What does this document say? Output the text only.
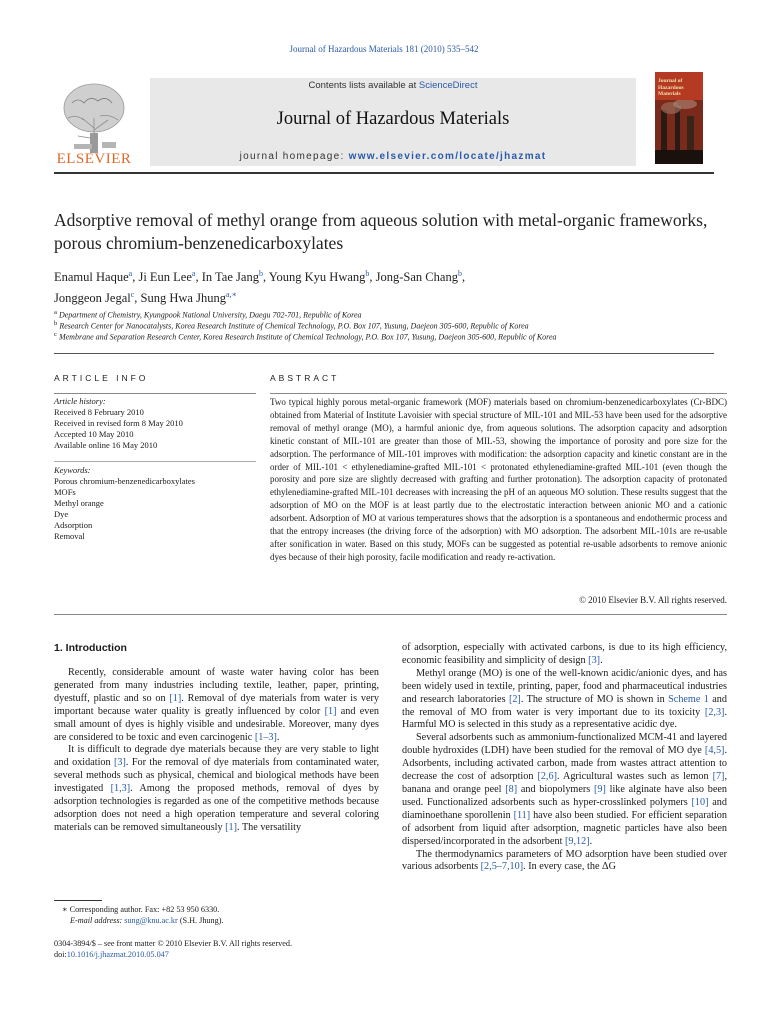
Journal of Hazardous Materials 181 (2010) 535–542
ELSEVIER
Contents lists available at ScienceDirect
Journal of Hazardous Materials
journal homepage: www.elsevier.com/locate/jhazmat
Journal of
Hazardous
Materials
Adsorptive removal of methyl orange from aqueous solution with metal-organic frameworks, porous chromium-benzenedicarboxylates
Enamul Haque$^a$, Ji Eun Lee$^a$, In Tae Jang$^b$, Young Kyu Hwang$^b$, Jong-San Chang$^b$,
Jonggeon Jegal$^c$, Sung Hwa Jhung$^{a,∗}$
$^a$ Department of Chemistry, Kyungpook National University, Daegu 702-701, Republic of Korea
$^b$ Research Center for Nanocatalysts, Korea Research Institute of Chemical Technology, P.O. Box 107, Yusung, Daejeon 305-600, Republic of Korea
$^c$ Membrane and Separation Research Center, Korea Research Institute of Chemical Technology, P.O. Box 107, Yusung, Daejeon 305-600, Republic of Korea
ARTICLE INFO
Article history:
Received 8 February 2010
Received in revised form 8 May 2010
Accepted 10 May 2010
Available online 16 May 2010
Keywords:
Porous chromium-benzenedicarboxylates
MOFs
Methyl orange
Dye
Adsorption
Removal
ABSTRACT
Two typical highly porous metal-organic framework (MOF) materials based on chromium-benzenedicarboxylates (Cr-BDC) obtained from Material of Institute Lavoisier with special structure of MIL-101 and MIL-53 have been used for the adsorptive removal of methyl orange (MO), a harmful anionic dye, from aqueous solutions. The adsorption capacity and adsorption kinetic constant of MIL-101 are greater than those of MIL-53, showing the importance of porosity and pore size for the adsorption. The performance of MIL-101 improves with modification: the adsorption capacity and kinetic constant are in the order of MIL-101 < ethylenediamine-grafted MIL-101 < protonated ethylenediamine-grafted MIL-101 (even though the porosity and pore size are slightly decreased with grafting and further protonation). The adsorption capacity of protonated ethylenediamine-grafted MIL-101 decreases with increasing the pH of an aqueous MO solution. These results suggest that the adsorption of MO on the MOF is at least partly due to the electrostatic interaction between anionic MO and a cationic adsorbent. Adsorption of MO at various temperatures shows that the adsorption is a spontaneous and endothermic process and that the entropy increases (the driving force of the adsorption) with MO adsorption. The adsorbent MIL-101s are re-usable after sonification in water. Based on this study, MOFs can be suggested as potential re-usable adsorbents to remove anionic dyes because of their high porosity, facile modification and ready re-activation.
© 2010 Elsevier B.V. All rights reserved.
1. Introduction

Recently, considerable amount of waste water having color has been generated from many industries including textile, leather, paper, printing, dyestuff, plastic and so on [1]. Removal of dye materials from water is very important because water quality is greatly influenced by color [1] and even small amount of dyes is highly visible and undesirable. Moreover, many dyes are considered to be toxic and even carcinogenic [1–3].

It is difficult to degrade dye materials because they are very stable to light and oxidation [3]. For the removal of dye materials from contaminated water, several methods such as physical, chemical and biological methods have been investigated [1,3]. Among the proposed methods, removal of dyes by adsorption technologies is regarded as one of the competitive methods because adsorption does not need a high operation temperature and several coloring materials can be removed simultaneously [1]. The versatility

of adsorption, especially with activated carbons, is due to its high efficiency, economic feasibility and simplicity of design [3].

Methyl orange (MO) is one of the well-known acidic/anionic dyes, and has been widely used in textile, printing, paper, food and pharmaceutical industries and research laboratories [2]. The structure of MO is shown in Scheme 1 and the removal of MO from water is very important due to its toxicity [2,3]. Harmful MO is selected in this study as a representative acidic dye.

Several adsorbents such as ammonium-functionalized MCM-41 and layered double hydroxides (LDH) have been studied for the removal of MO dye [4,5]. Adsorbents, including activated carbon, made from wastes attract attention to decrease the cost of adsorption [2,6]. Agricultural wastes such as lemon [7], banana and orange peel [8] and biopolymers [9] like alginate have also been used. Functionalized adsorbents such as hyper-crosslinked polymers [10] and diaminoethane sporollenin [11] have also been studied. For efficient separation of adsorbent from liquid after adsorption, magnetic particles have also been dispersed/incorporated in the adsorbent [9,12].

The thermodynamics parameters of MO adsorption have been studied over various adsorbents [2,5–7,10]. In every case, the ΔG

∗ Corresponding author. Fax: +82 53 950 6330.
E-mail address: sung@knu.ac.kr (S.H. Jhung).
0304-3894/$ – see front matter © 2010 Elsevier B.V. All rights reserved.
doi:10.1016/j.jhazmat.2010.05.047
